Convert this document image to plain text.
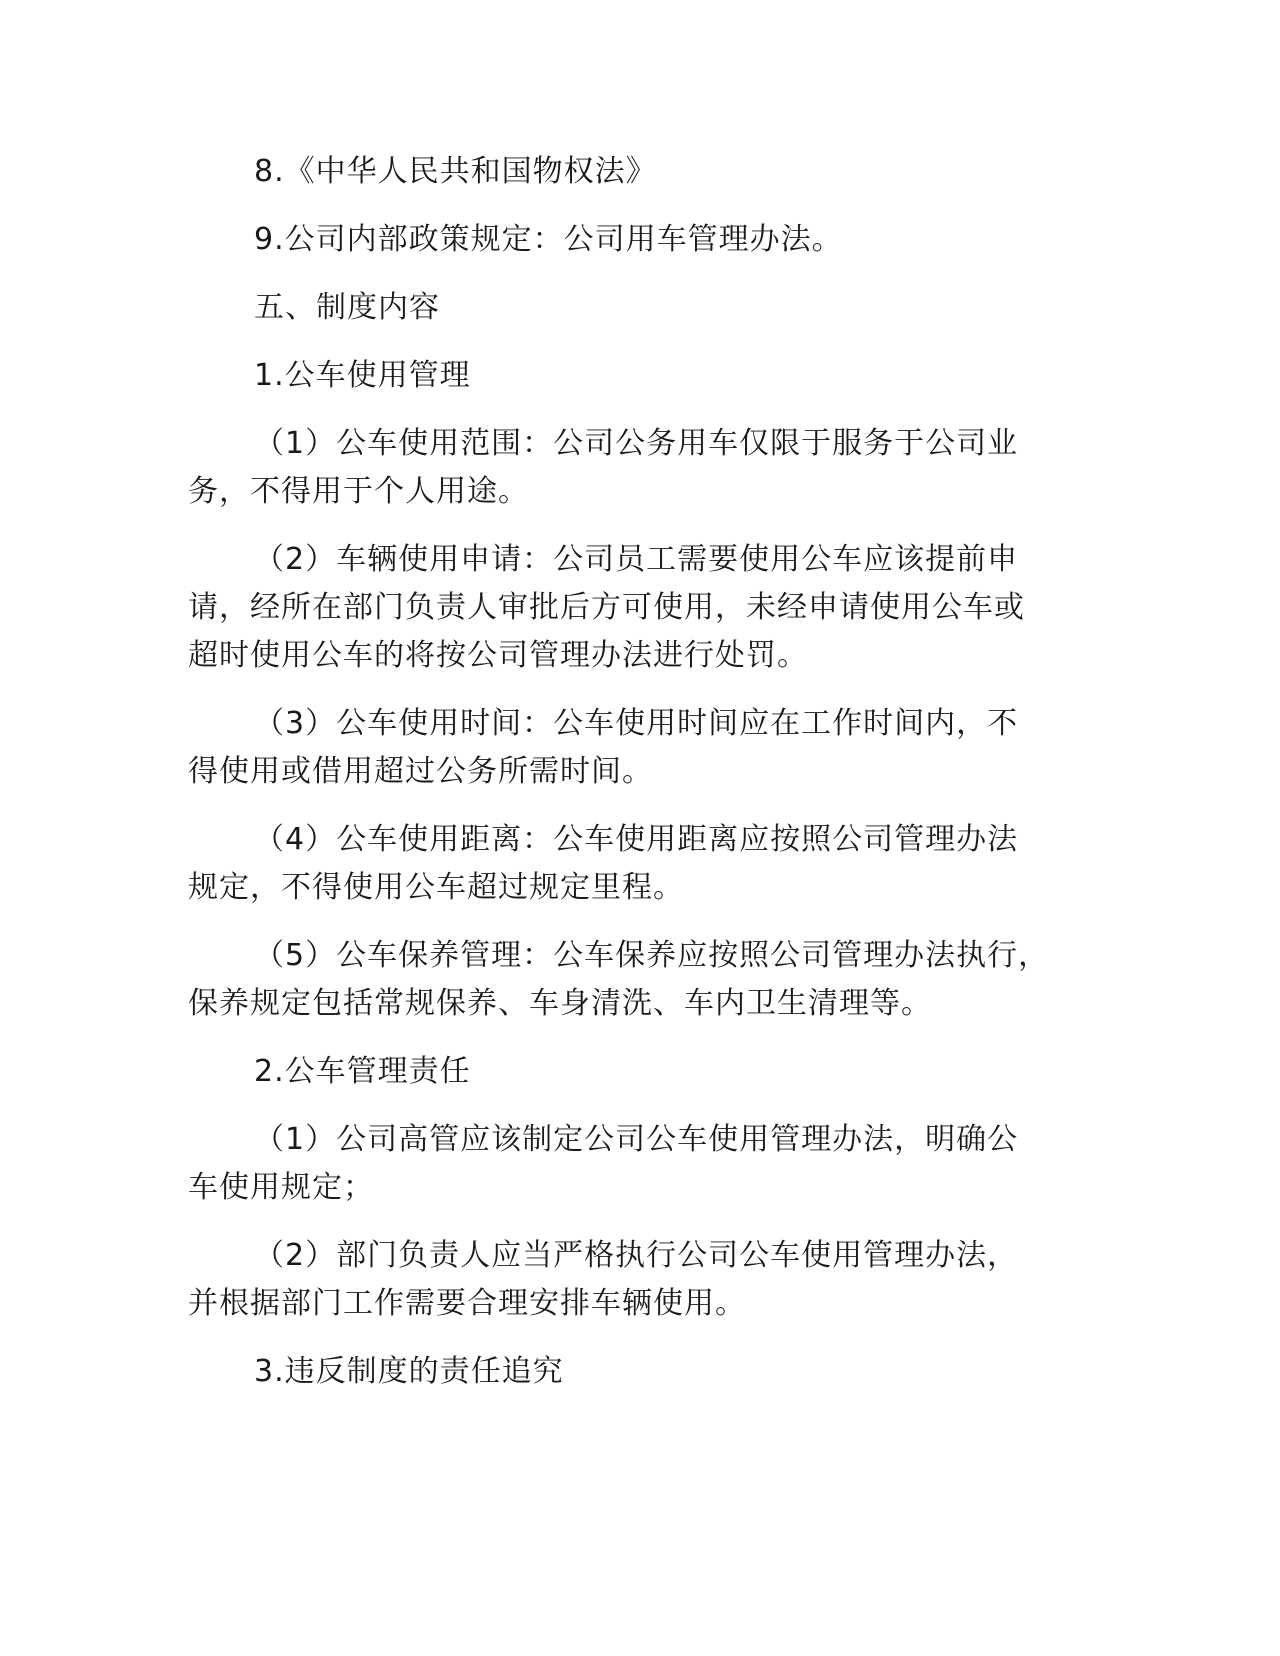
8.《中华人民共和国物权法》
9.公司内部政策规定：公司用车管理办法。
五、制度内容
1.公车使用管理
（1）公车使用范围：公司公务用车仅限于服务于公司业
务，不得用于个人用途。
（2）车辆使用申请：公司员工需要使用公车应该提前申
请，经所在部门负责人审批后方可使用，未经申请使用公车或
超时使用公车的将按公司管理办法进行处罚。
（3）公车使用时间：公车使用时间应在工作时间内，不
得使用或借用超过公务所需时间。
（4）公车使用距离：公车使用距离应按照公司管理办法
规定，不得使用公车超过规定里程。
（5）公车保养管理：公车保养应按照公司管理办法执行，
保养规定包括常规保养、车身清洗、车内卫生清理等。
2.公车管理责任
（1）公司高管应该制定公司公车使用管理办法，明确公
车使用规定；
（2）部门负责人应当严格执行公司公车使用管理办法，
并根据部门工作需要合理安排车辆使用。
3.违反制度的责任追究
